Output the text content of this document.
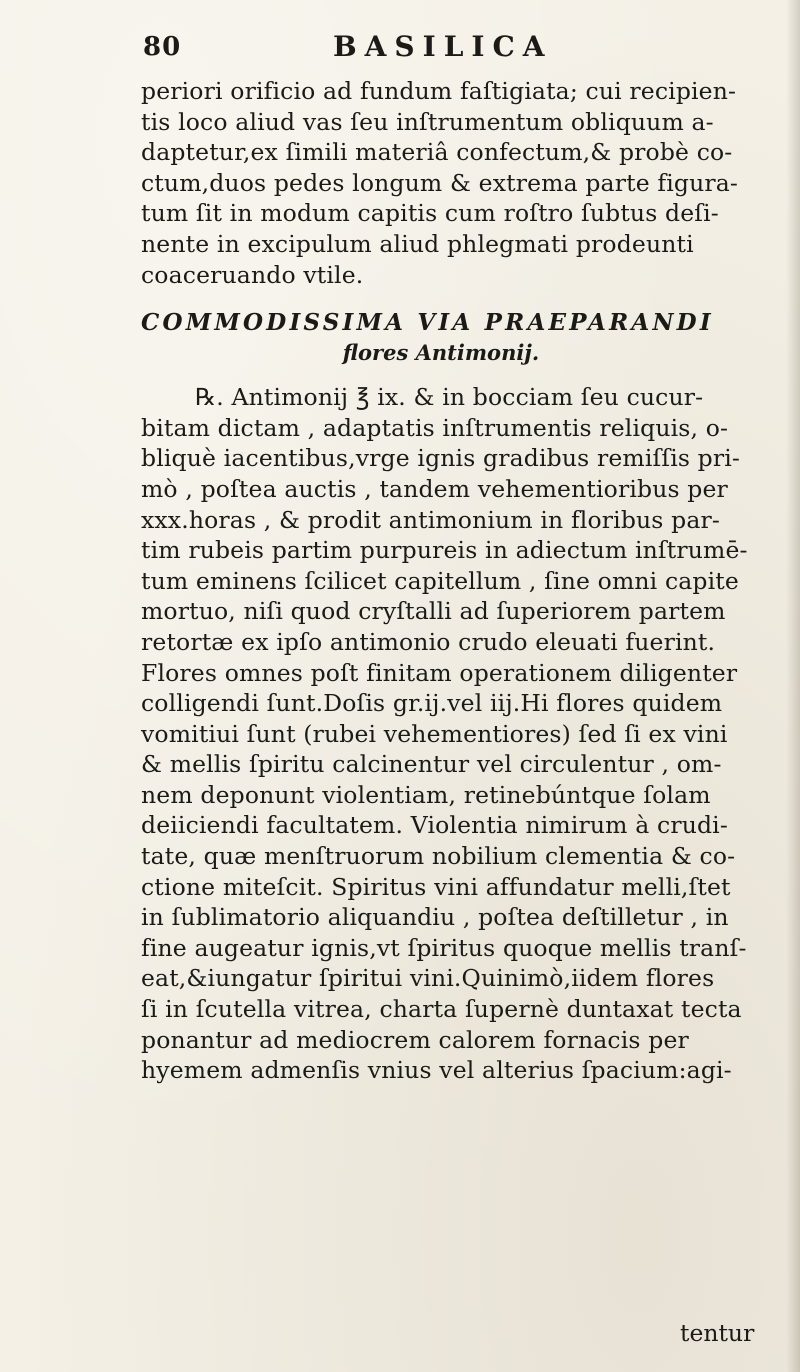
80	BASILICA
periori orificio ad fundum faſtigiata; cui recipien-
tis loco aliud vas ſeu inſtrumentum obliquum a-
daptetur,ex ſimili materiâ confectum,& probè co-
ctum,duos pedes longum & extrema parte figura-
tum ſit in modum capitis cum roſtro ſubtus deſi-
nente in excipulum aliud phlegmati prodeunti
coaceruando vtile.
COMMODISSIMA VIA PRAEPARANDI
flores Antimonij.
℞. Antimonij ℥ ix. & in bocciam ſeu cucur-
bitam dictam , adaptatis inſtrumentis reliquis, o-
bliquè iacentibus,vrge ignis gradibus remiſſis pri-
mò , poſtea auctis , tandem vehementioribus per
xxx.horas , & prodit antimonium in floribus par-
tim rubeis partim purpureis in adiectum inſtrumē-
tum eminens ſcilicet capitellum , ſine omni capite
mortuo, niſi quod cryſtalli ad ſuperiorem partem
retortæ ex ipſo antimonio crudo eleuati fuerint.
Flores omnes poſt finitam operationem diligenter
colligendi ſunt.Doſis gr.ij.vel iij.Hi flores quidem
vomitiui ſunt (rubei vehementiores) ſed ſi ex vini
& mellis ſpiritu calcinentur vel circulentur , om-
nem deponunt violentiam, retinebúntque ſolam
deiiciendi facultatem. Violentia nimirum à crudi-
tate, quæ menſtruorum nobilium clementia & co-
ctione miteſcit. Spiritus vini affundatur melli,ſtet
in ſublimatorio aliquandiu , poſtea deſtilletur , in
fine augeatur ignis,vt ſpiritus quoque mellis tranſ-
eat,&iungatur ſpiritui vini.Quinimò,iidem flores
ſi in ſcutella vitrea, charta ſupernè duntaxat tecta
ponantur ad mediocrem calorem fornacis per
hyemem admenſis vnius vel alterius ſpacium:agi-
tentur
